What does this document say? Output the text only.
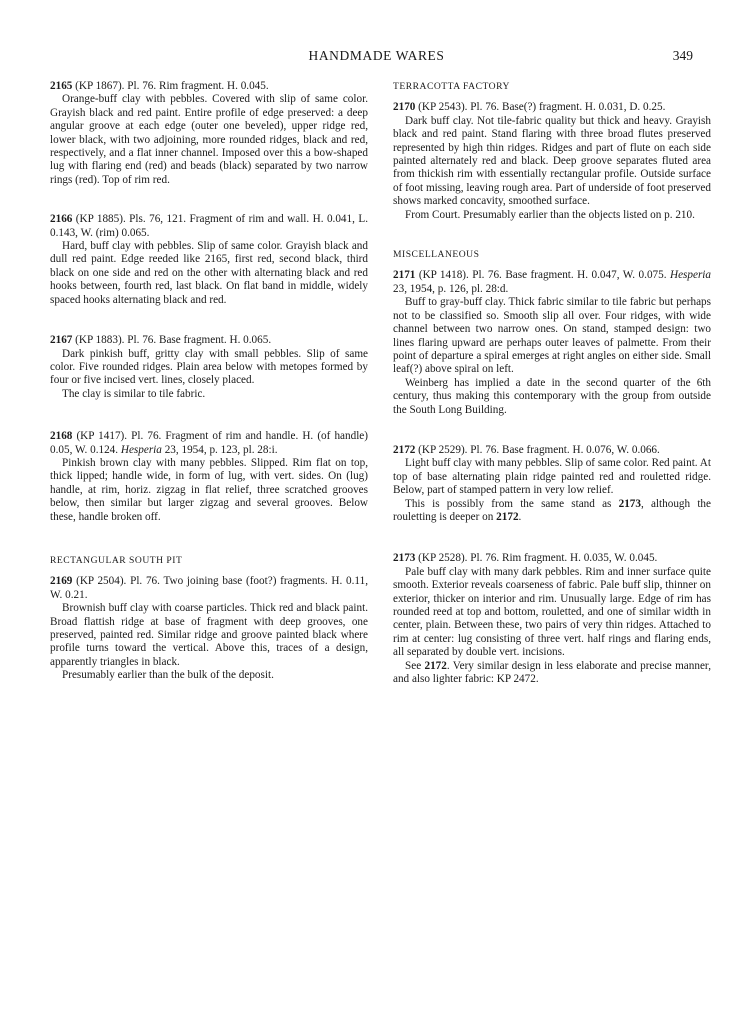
HANDMADE WARES	349

2165 (KP 1867). Pl. 76. Rim fragment. H. 0.045.

Orange-buff clay with pebbles. Covered with slip of same color. Grayish black and red paint. Entire profile of edge preserved: a deep angular groove at each edge (outer one beveled), upper ridge red, lower black, with two adjoining, more rounded ridges, black and red, respectively, and a flat inner channel. Imposed over this a bow-shaped lug with flaring end (red) and beads (black) separated by two narrow rings (red). Top of rim red.

2166 (KP 1885). Pls. 76, 121. Fragment of rim and wall. H. 0.041, L. 0.143, W. (rim) 0.065.

Hard, buff clay with pebbles. Slip of same color. Grayish black and dull red paint. Edge reeded like 2165, first red, second black, third black on one side and red on the other with alternating black and red hooks between, fourth red, last black. On flat band in middle, widely spaced hooks alternating black and red.

2167 (KP 1883). Pl. 76. Base fragment. H. 0.065.

Dark pinkish buff, gritty clay with small pebbles. Slip of same color. Five rounded ridges. Plain area below with metopes formed by four or five incised vert. lines, closely placed.

The clay is similar to tile fabric.

2168 (KP 1417). Pl. 76. Fragment of rim and handle. H. (of handle) 0.05, W. 0.124. Hesperia 23, 1954, p. 123, pl. 28:i.

Pinkish brown clay with many pebbles. Slipped. Rim flat on top, thick lipped; handle wide, in form of lug, with vert. sides. On (lug) handle, at rim, horiz. zigzag in flat relief, three scratched grooves below, then similar but larger zigzag and several grooves. Below these, handle broken off.

RECTANGULAR SOUTH PIT

2169 (KP 2504). Pl. 76. Two joining base (foot?) fragments. H. 0.11, W. 0.21.

Brownish buff clay with coarse particles. Thick red and black paint. Broad flattish ridge at base of fragment with deep grooves, one preserved, painted red. Similar ridge and groove painted black where profile turns toward the vertical. Above this, traces of a design, apparently triangles in black.

Presumably earlier than the bulk of the deposit.

TERRACOTTA FACTORY

2170 (KP 2543). Pl. 76. Base(?) fragment. H. 0.031, D. 0.25.

Dark buff clay. Not tile-fabric quality but thick and heavy. Grayish black and red paint. Stand flaring with three broad flutes preserved represented by high thin ridges. Ridges and part of flute on each side painted alternately red and black. Deep groove separates fluted area from thickish rim with essentially rectangular profile. Outside surface of foot missing, leaving rough area. Part of underside of foot preserved shows marked concavity, smoothed surface.

From Court. Presumably earlier than the objects listed on p. 210.

MISCELLANEOUS

2171 (KP 1418). Pl. 76. Base fragment. H. 0.047, W. 0.075. Hesperia 23, 1954, p. 126, pl. 28:d.

Buff to gray-buff clay. Thick fabric similar to tile fabric but perhaps not to be classified so. Smooth slip all over. Four ridges, with wide channel between two narrow ones. On stand, stamped design: two lines flaring upward are perhaps outer leaves of palmette. From their point of departure a spiral emerges at right angles on either side. Small leaf(?) above spiral on left.

Weinberg has implied a date in the second quarter of the 6th century, thus making this contemporary with the group from outside the South Long Building.

2172 (KP 2529). Pl. 76. Base fragment. H. 0.076, W. 0.066.

Light buff clay with many pebbles. Slip of same color. Red paint. At top of base alternating plain ridge painted red and rouletted ridge. Below, part of stamped pattern in very low relief.

This is possibly from the same stand as 2173, although the rouletting is deeper on 2172.

2173 (KP 2528). Pl. 76. Rim fragment. H. 0.035, W. 0.045.

Pale buff clay with many dark pebbles. Rim and inner surface quite smooth. Exterior reveals coarseness of fabric. Pale buff slip, thinner on exterior, thicker on interior and rim. Unusually large. Edge of rim has rounded reed at top and bottom, rouletted, and one of similar width in center, plain. Between these, two pairs of very thin ridges. Attached to rim at center: lug consisting of three vert. half rings and flaring ends, all separated by double vert. incisions.

See 2172. Very similar design in less elaborate and precise manner, and also lighter fabric: KP 2472.
